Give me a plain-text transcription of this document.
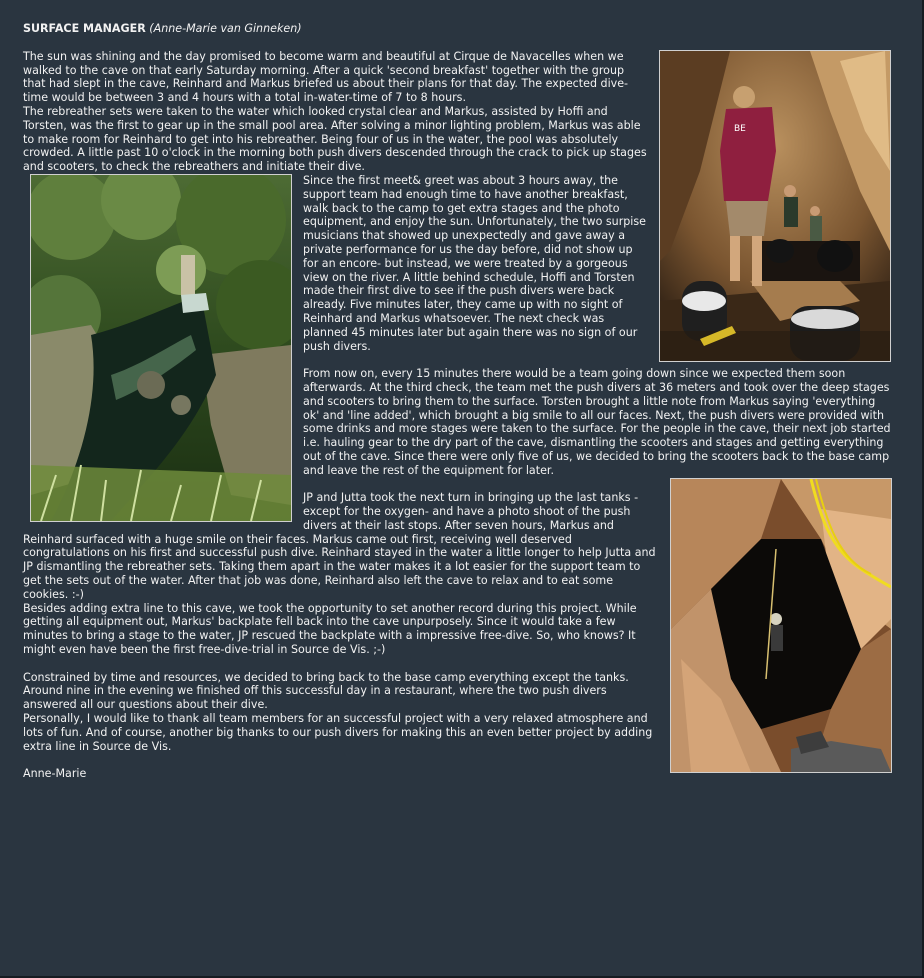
SURFACE MANAGER (Anne-Marie van Ginneken)
BE

The sun was shining and the day promised to become warm and beautiful at Cirque de Navacelles when we walked to the cave on that early Saturday morning. After a quick 'second breakfast' together with the group that had slept in the cave, Reinhard and Markus briefed us about their plans for that day. The expected dive-time would be between 3 and 4 hours with a total in-water-time of 7 to 8 hours.

The rebreather sets were taken to the water which looked crystal clear and Markus, assisted by Hoffi and Torsten, was the first to gear up in the small pool area. After solving a minor lighting problem, Markus was able to make room for Reinhard to get into his rebreather. Being four of us in the water, the pool was absolutely crowded. A little past 10 o'clock in the morning both push divers descended through the crack to pick up stages and scooters, to check the rebreathers and initiate their dive.

Since the first meet& greet was about 3 hours away, the support team had enough time to have another breakfast, walk back to the camp to get extra stages and the photo equipment, and enjoy the sun. Unfortunately, the two surpise musicians that showed up unexpectedly and gave away a private performance for us the day before, did not show up for an encore- but instead, we were treated by a gorgeous view on the river. A little behind schedule, Hoffi and Torsten made their first dive to see if the push divers were back already. Five minutes later, they came up with no sight of Reinhard and Markus whatsoever. The next check was planned 45 minutes later but again there was no sign of our push divers.

From now on, every 15 minutes there would be a team going down since we expected them soon afterwards. At the third check, the team met the push divers at 36 meters and took over the deep stages and scooters to bring them to the surface. Torsten brought a little note from Markus saying 'everything ok' and 'line added', which brought a big smile to all our faces. Next, the push divers were provided with some drinks and more stages were taken to the surface. For the people in the cave, their next job started i.e. hauling gear to the dry part of the cave, dismantling the scooters and stages and getting everything out of the cave. Since there were only five of us, we decided to bring the scooters back to the base camp and leave the rest of the equipment for later.

JP and Jutta took the next turn in bringing up the last tanks -except for the oxygen- and have a photo shoot of the push divers at their last stops. After seven hours, Markus and Reinhard surfaced with a huge smile on their faces. Markus came out first, receiving well deserved congratulations on his first and successful push dive. Reinhard stayed in the water a little longer to help Jutta and JP dismantling the rebreather sets. Taking them apart in the water makes it a lot easier for the support team to get the sets out of the water. After that job was done, Reinhard also left the cave to relax and to eat some cookies. :-)

Besides adding extra line to this cave, we took the opportunity to set another record during this project. While getting all equipment out, Markus' backplate fell back into the cave unpurposely. Since it would take a few minutes to bring a stage to the water, JP rescued the backplate with a impressive free-dive. So, who knows? It might even have been the first free-dive-trial in Source de Vis. ;-)

Constrained by time and resources, we decided to bring back to the base camp everything except the tanks. Around nine in the evening we finished off this successful day in a restaurant, where the two push divers answered all our questions about their dive.

Personally, I would like to thank all team members for an successful project with a very relaxed atmosphere and lots of fun. And of course, another big thanks to our push divers for making this an even better project by adding extra line in Source de Vis.

Anne-Marie
